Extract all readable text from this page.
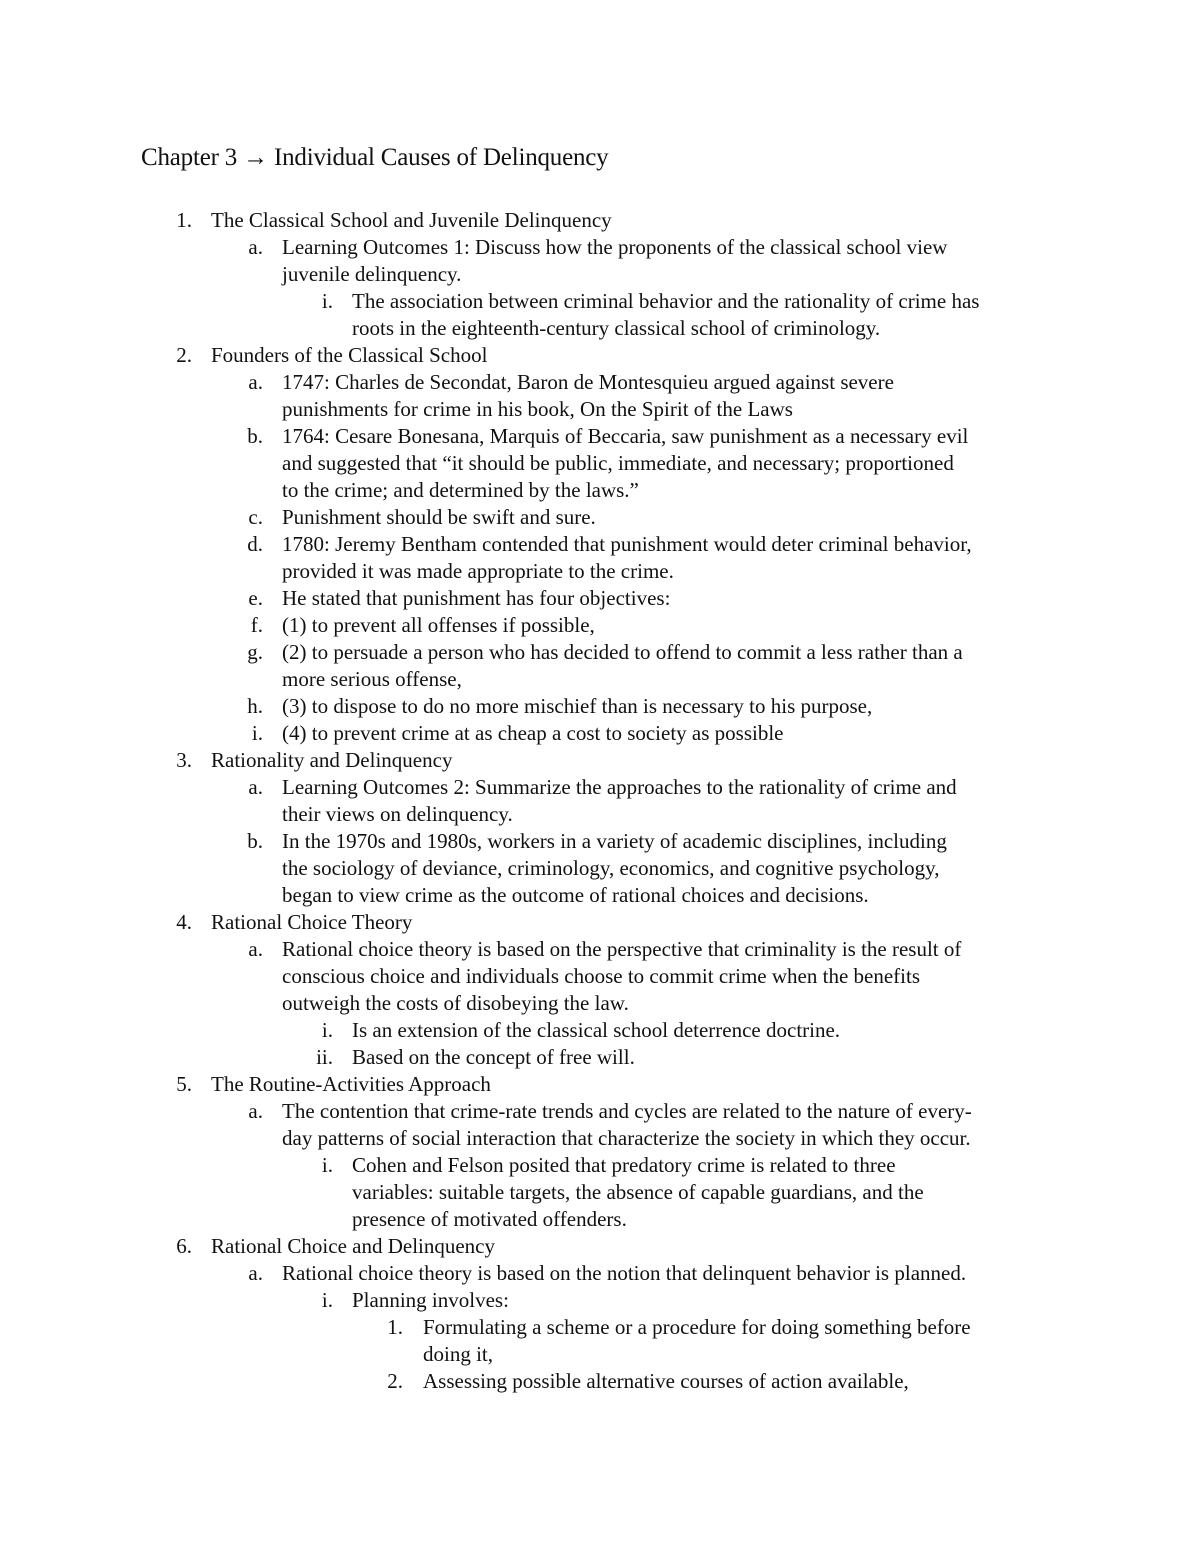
Chapter 3 → Individual Causes of Delinquency
1. The Classical School and Juvenile Delinquency
a. Learning Outcomes 1: Discuss how the proponents of the classical school view
juvenile delinquency.
i. The association between criminal behavior and the rationality of crime has
roots in the eighteenth-century classical school of criminology.
2. Founders of the Classical School
a. 1747: Charles de Secondat, Baron de Montesquieu argued against severe
punishments for crime in his book, On the Spirit of the Laws
b. 1764: Cesare Bonesana, Marquis of Beccaria, saw punishment as a necessary evil
and suggested that “it should be public, immediate, and necessary; proportioned
to the crime; and determined by the laws.”
c. Punishment should be swift and sure.
d. 1780: Jeremy Bentham contended that punishment would deter criminal behavior,
provided it was made appropriate to the crime.
e. He stated that punishment has four objectives:
f. (1) to prevent all offenses if possible,
g. (2) to persuade a person who has decided to offend to commit a less rather than a
more serious offense,
h. (3) to dispose to do no more mischief than is necessary to his purpose,
i. (4) to prevent crime at as cheap a cost to society as possible
3. Rationality and Delinquency
a. Learning Outcomes 2: Summarize the approaches to the rationality of crime and
their views on delinquency.
b. In the 1970s and 1980s, workers in a variety of academic disciplines, including
the sociology of deviance, criminology, economics, and cognitive psychology,
began to view crime as the outcome of rational choices and decisions.
4. Rational Choice Theory
a. Rational choice theory is based on the perspective that criminality is the result of
conscious choice and individuals choose to commit crime when the benefits
outweigh the costs of disobeying the law.
i. Is an extension of the classical school deterrence doctrine.
ii. Based on the concept of free will.
5. The Routine-Activities Approach
a. The contention that crime-rate trends and cycles are related to the nature of every-
day patterns of social interaction that characterize the society in which they occur.
i. Cohen and Felson posited that predatory crime is related to three
variables: suitable targets, the absence of capable guardians, and the
presence of motivated offenders.
6. Rational Choice and Delinquency
a. Rational choice theory is based on the notion that delinquent behavior is planned.
i. Planning involves:
1. Formulating a scheme or a procedure for doing something before
doing it,
2. Assessing possible alternative courses of action available,
